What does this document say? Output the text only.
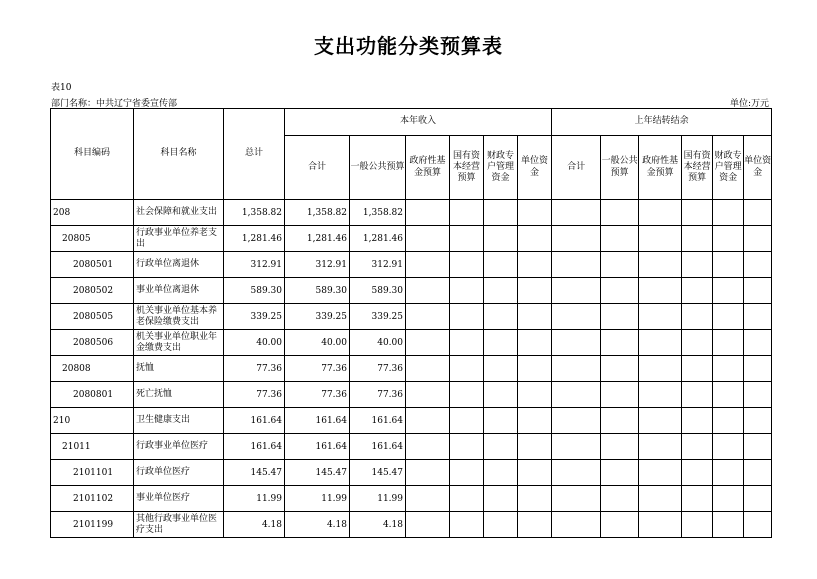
支出功能分类预算表
表10
部门名称：中共辽宁省委宣传部	单位:万元
科目编码	科目名称	总计	本年收入						上年结转结余					
			合计	一般公共预算	政府性基金预算	国有资本经营预算	财政专户管理资金	单位资金	合计	一般公共预算	政府性基金预算	国有资本经营预算	财政专户管理资金	单位资金
208	社会保障和就业支出	1,358.82	1,358.82	1,358.82										
20805	行政事业单位养老支出	1,281.46	1,281.46	1,281.46										
2080501	行政单位离退休	312.91	312.91	312.91										
2080502	事业单位离退休	589.30	589.30	589.30										
2080505	机关事业单位基本养老保险缴费支出	339.25	339.25	339.25										
2080506	机关事业单位职业年金缴费支出	40.00	40.00	40.00										
20808	抚恤	77.36	77.36	77.36										
2080801	死亡抚恤	77.36	77.36	77.36										
210	卫生健康支出	161.64	161.64	161.64										
21011	行政事业单位医疗	161.64	161.64	161.64										
2101101	行政单位医疗	145.47	145.47	145.47										
2101102	事业单位医疗	11.99	11.99	11.99										
2101199	其他行政事业单位医疗支出	4.18	4.18	4.18										
